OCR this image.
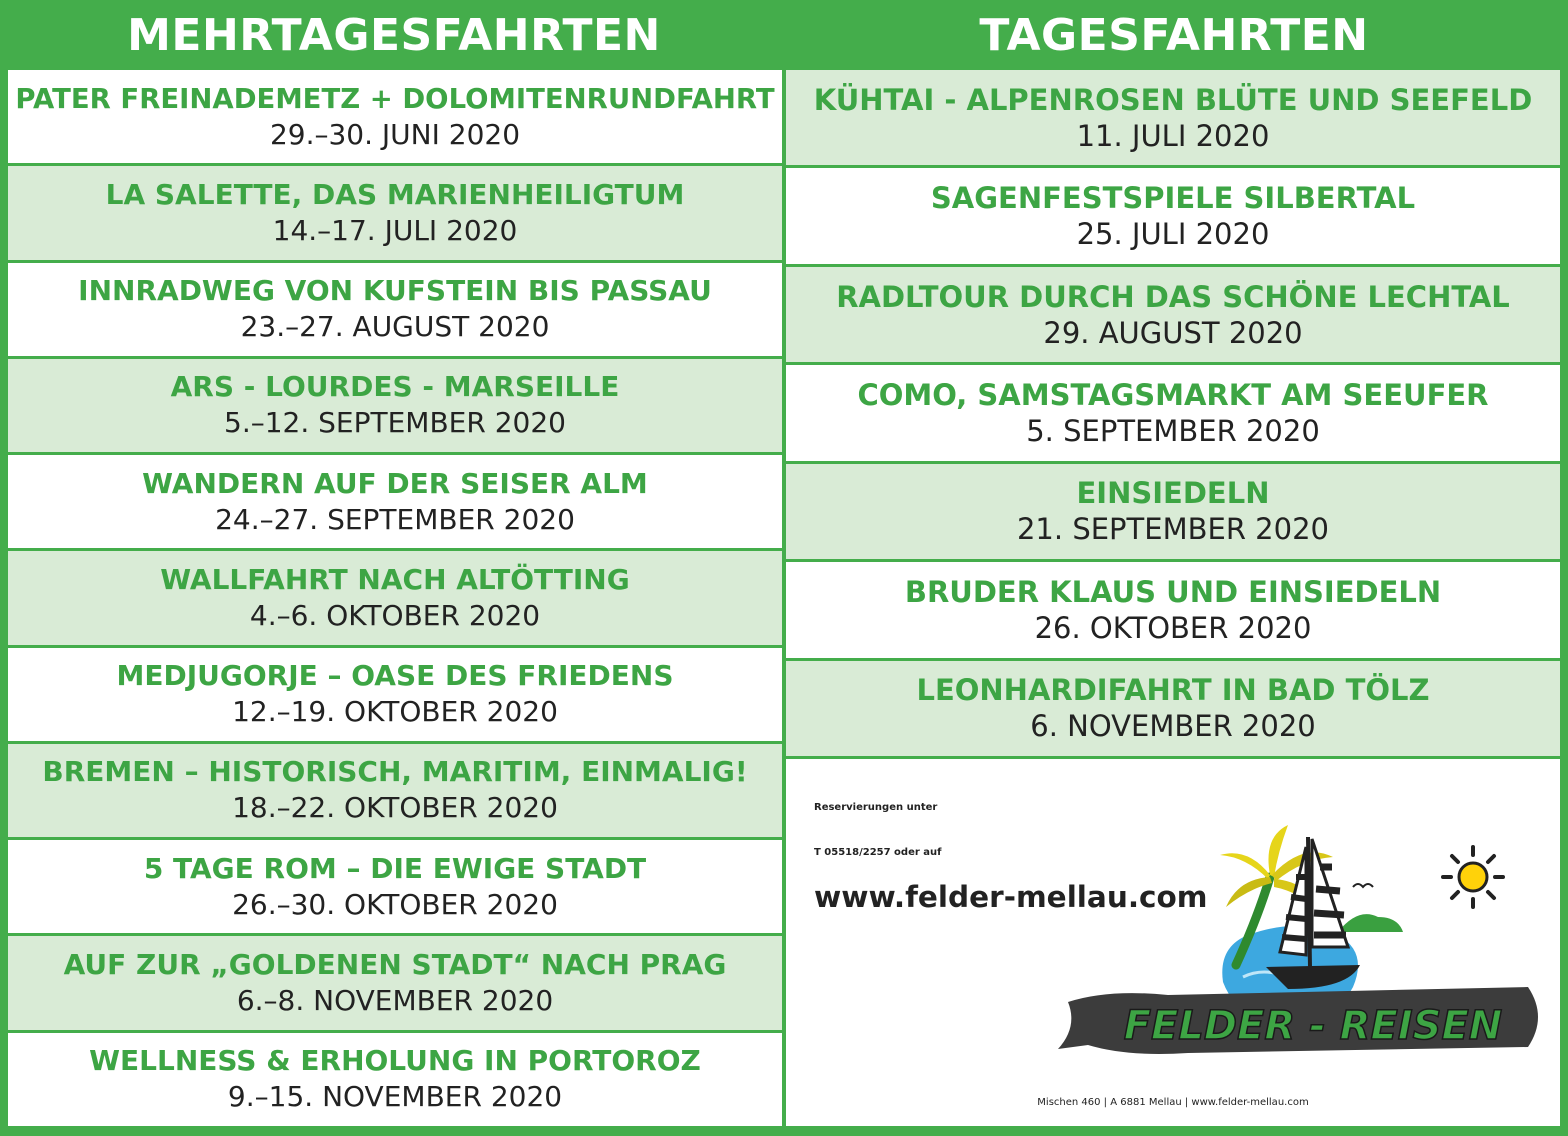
MEHRTAGESFAHRTEN	TAGESFAHRTEN
PATER FREINADEMETZ + DOLOMITENRUNDFAHRT
29.–30. JUNI 2020
LA SALETTE, DAS MARIENHEILIGTUM
14.–17. JULI 2020
INNRADWEG VON KUFSTEIN BIS PASSAU
23.–27. AUGUST 2020
ARS - LOURDES - MARSEILLE
5.–12. SEPTEMBER 2020
WANDERN AUF DER SEISER ALM
24.–27. SEPTEMBER 2020
WALLFAHRT NACH ALTÖTTING
4.–6. OKTOBER 2020
MEDJUGORJE – OASE DES FRIEDENS
12.–19. OKTOBER 2020
BREMEN – HISTORISCH, MARITIM, EINMALIG!
18.–22. OKTOBER 2020
5 TAGE ROM – DIE EWIGE STADT
26.–30. OKTOBER 2020
AUF ZUR „GOLDENEN STADT“ NACH PRAG
6.–8. NOVEMBER 2020
WELLNESS & ERHOLUNG IN PORTOROZ
9.–15. NOVEMBER 2020
KÜHTAI - ALPENROSEN BLÜTE UND SEEFELD
11. JULI 2020
SAGENFESTSPIELE SILBERTAL
25. JULI 2020
RADLTOUR DURCH DAS SCHÖNE LECHTAL
29. AUGUST 2020
COMO, SAMSTAGSMARKT AM SEEUFER
5. SEPTEMBER 2020
EINSIEDELN
21. SEPTEMBER 2020
BRUDER KLAUS UND EINSIEDELN
26. OKTOBER 2020
LEONHARDIFAHRT IN BAD TÖLZ
6. NOVEMBER 2020
Reservierungen unter
T 05518/2257 oder auf
www.felder-mellau.com
FELDER - REISEN
Mischen 460 | A 6881 Mellau | www.felder-mellau.com
